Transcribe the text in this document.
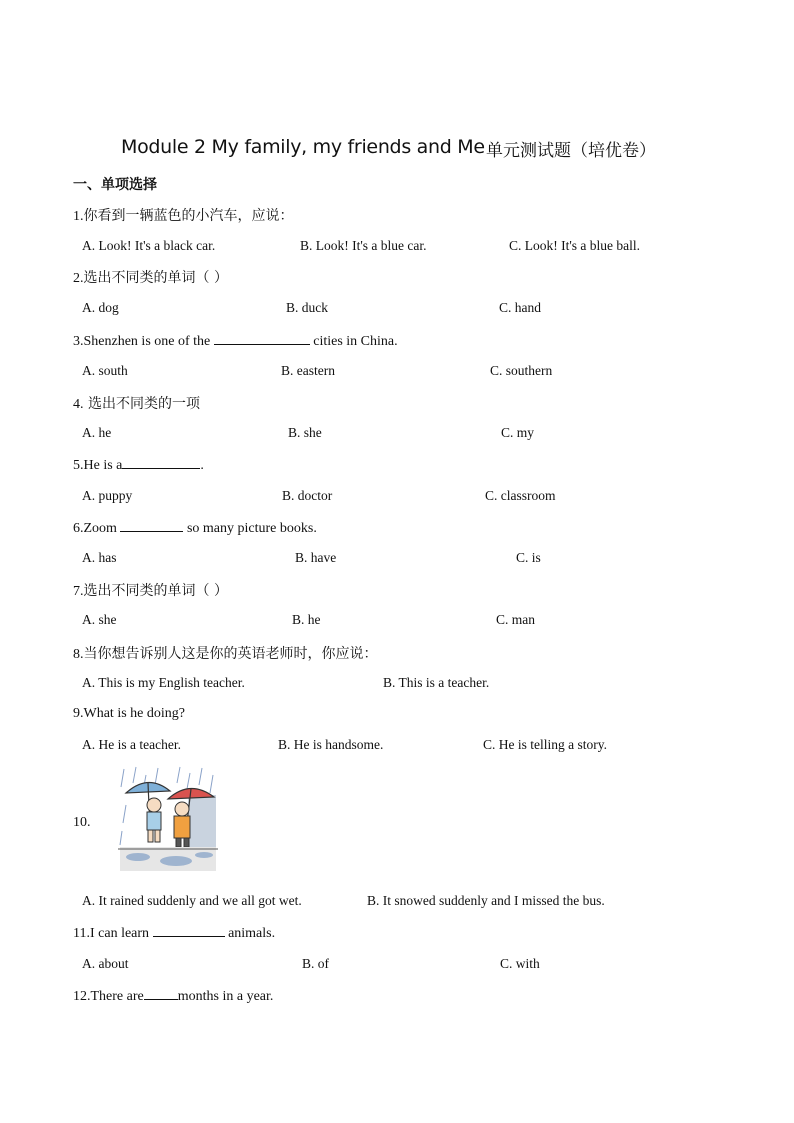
Module 2 My family, my friends and Me 单元测试题（培优卷）
一、单项选择
1.你看到一辆蓝色的小汽车，应说：
A. Look! It's a black car.	B. Look! It's a blue car.	C. Look! It's a blue ball.
2.选出不同类的单词（ ）
A. dog	B. duck	C. hand
3.Shenzhen is one of the	cities in China.
A. south	B. eastern	C. southern
4. 选出不同类的一项
A. he	B. she	C. my
5.He is a	.
A. puppy	B. doctor	C. classroom
6.Zoom	so many picture books.
A. has	B. have	C. is
7.选出不同类的单词（ ）
A. she	B. he	C. man
8.当你想告诉别人这是你的英语老师时，你应说：
A. This is my English teacher.	B. This is a teacher.
9.What is he doing?
A. He is a teacher.	B. He is handsome.	C. He is telling a story.
10.
A. It rained suddenly and we all got wet.	B. It snowed suddenly and I missed the bus.
11.I can learn	animals.
A. about	B. of	C. with
12.There are months in a year.
